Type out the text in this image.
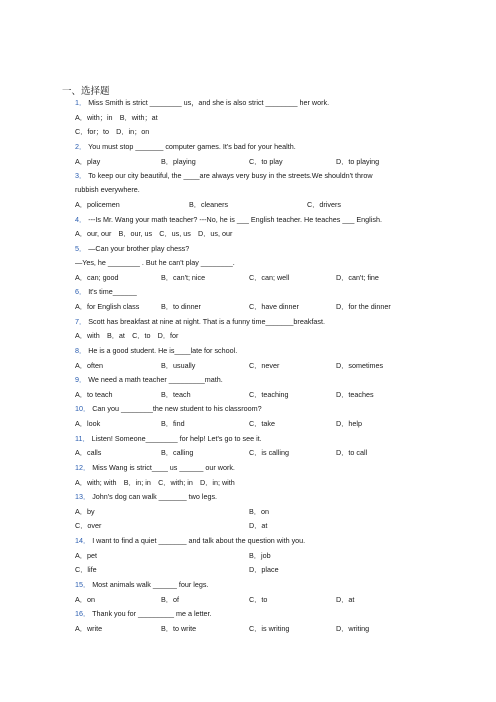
一、选择题
1． Miss Smith is strict ________ us，and she is also strict ________ her work.
A．with；in　B．with；at
C．for；to　D．in；on
2． You must stop _______ computer games. It's bad for your health.
A．play	B．playing	C．to play	D．to playing
3． To keep our city beautiful, the ____are always very busy in the streets.We shouldn't throw
rubbish everywhere.
A．policemen	B．cleaners	C．drivers
4． ---Is Mr. Wang your math teacher? ---No, he is ___ English teacher. He teaches ___ English.
A．our, our　B．our, us　C．us, us　D．us, our
5． —Can your brother play chess?
—Yes, he ________ . But he can't play ________.
A．can; good	B．can't; nice	C．can; well	D．can't; fine
6． It's time______
A．for English class	B．to dinner	C．have dinner	D．for the dinner
7． Scott has breakfast at nine at night. That is a funny time_______breakfast.
A．with　B．at　C．to　D．for
8． He is a good student. He is____late for school.
A．often	B．usually	C．never	D．sometimes
9． We need a math teacher _________math.
A．to teach	B．teach	C．teaching	D．teaches
10． Can you ________the new student to his classroom?
A．look	B．find	C．take	D．help
11． Listen! Someone________ for help! Let's go to see it.
A．calls	B．calling	C．is calling	D．to call
12． Miss Wang is strict____ us ______ our work.
A．with; with　B．in; in　C．with; in　D．in; with
13． John's dog can walk _______ two legs.
A．by	B．on
C．over	D．at
14． I want to find a quiet _______ and talk about the question with you.
A．pet	B．job
C．life	D．place
15． Most animals walk ______ four legs.
A．on	B．of	C．to	D．at
16． Thank you for _________ me a letter.
A．write	B．to write	C．is writing	D．writing
